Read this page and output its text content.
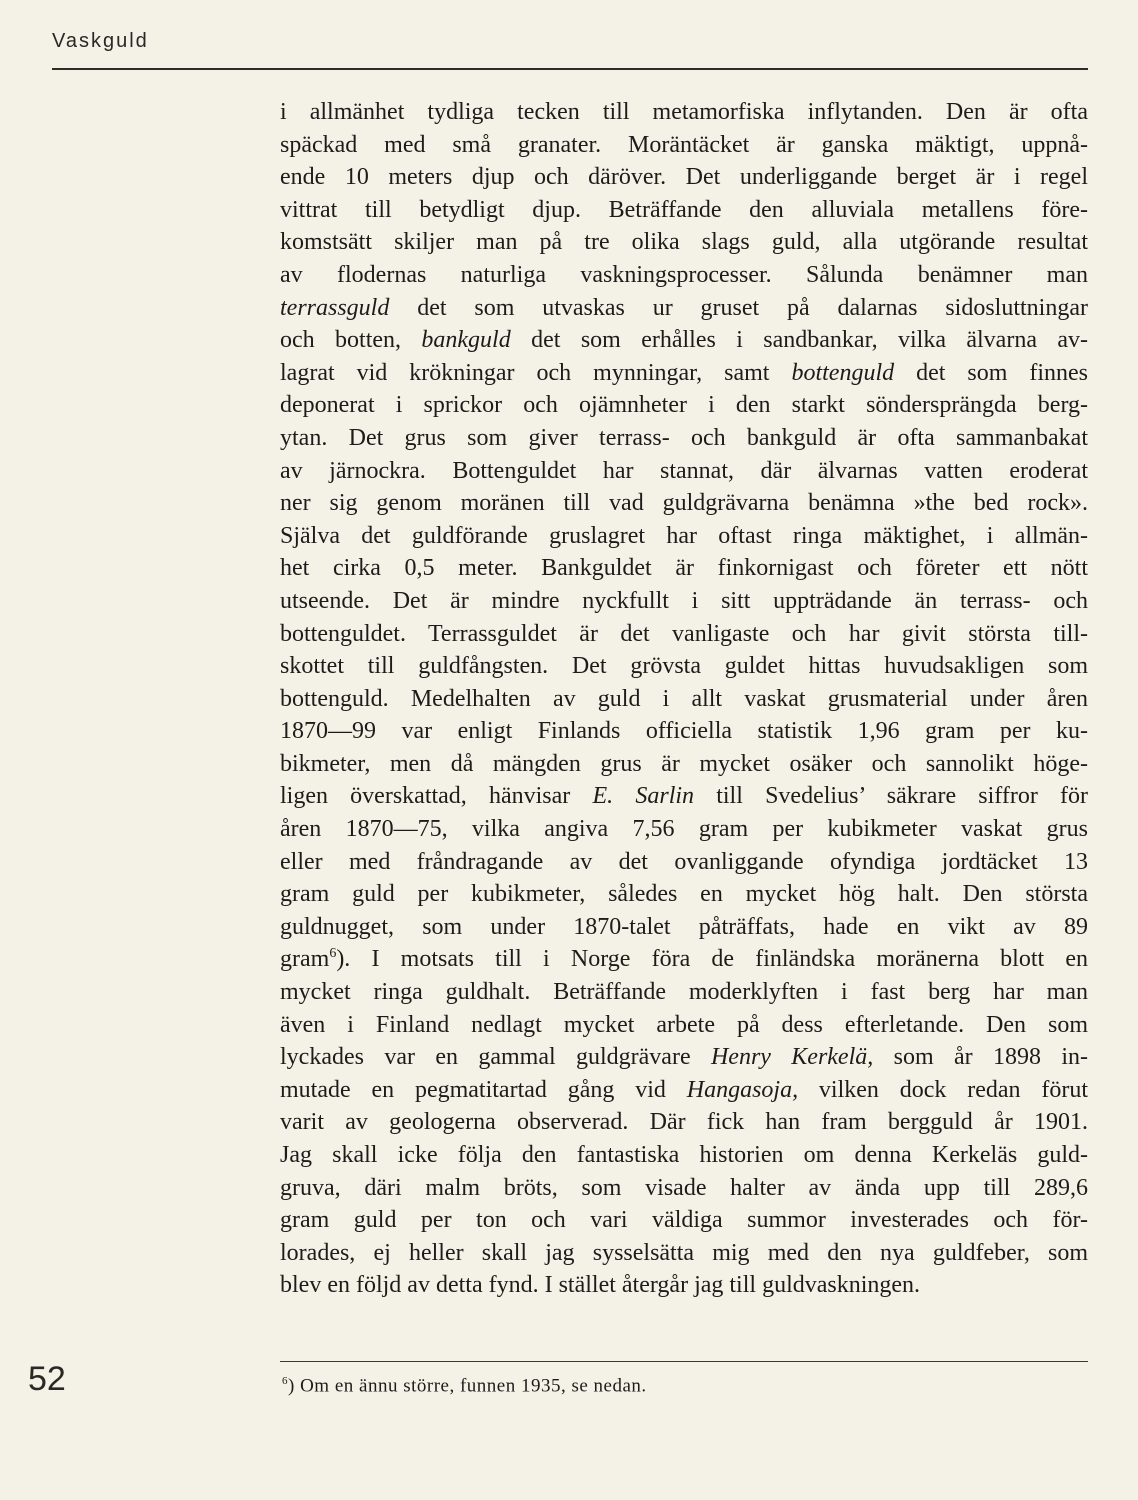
Vaskguld
i allmänhet tydliga tecken till metamorfiska inflytanden. Den är ofta
späckad med små granater. Moräntäcket är ganska mäktigt, uppnå-
ende 10 meters djup och däröver. Det underliggande berget är i regel
vittrat till betydligt djup. Beträffande den alluviala metallens före-
komstsätt skiljer man på tre olika slags guld, alla utgörande resultat
av flodernas naturliga vaskningsprocesser. Sålunda benämner man
terrassguld det som utvaskas ur gruset på dalarnas sidosluttningar
och botten, bankguld det som erhålles i sandbankar, vilka älvarna av-
lagrat vid krökningar och mynningar, samt bottenguld det som finnes
deponerat i sprickor och ojämnheter i den starkt söndersprängda berg-
ytan. Det grus som giver terrass- och bankguld är ofta sammanbakat
av järnockra. Bottenguldet har stannat, där älvarnas vatten eroderat
ner sig genom moränen till vad guldgrävarna benämna »the bed rock».
Själva det guldförande gruslagret har oftast ringa mäktighet, i allmän-
het cirka 0,5 meter. Bankguldet är finkornigast och företer ett nött
utseende. Det är mindre nyckfullt i sitt uppträdande än terrass- och
bottenguldet. Terrassguldet är det vanligaste och har givit största till-
skottet till guldfångsten. Det grövsta guldet hittas huvudsakligen som
bottenguld. Medelhalten av guld i allt vaskat grusmaterial under åren
1870—99 var enligt Finlands officiella statistik 1,96 gram per ku-
bikmeter, men då mängden grus är mycket osäker och sannolikt höge-
ligen överskattad, hänvisar E. Sarlin till Svedelius’ säkrare siffror för
åren 1870—75, vilka angiva 7,56 gram per kubikmeter vaskat grus
eller med fråndragande av det ovanliggande ofyndiga jordtäcket 13
gram guld per kubikmeter, således en mycket hög halt. Den största
guldnugget, som under 1870-talet påträffats, hade en vikt av 89
gram$^6$). I motsats till i Norge föra de finländska moränerna blott en
mycket ringa guldhalt. Beträffande moderklyften i fast berg har man
även i Finland nedlagt mycket arbete på dess efterletande. Den som
lyckades var en gammal guldgrävare Henry Kerkelä, som år 1898 in-
mutade en pegmatitartad gång vid Hangasoja, vilken dock redan förut
varit av geologerna observerad. Där fick han fram bergguld år 1901.
Jag skall icke följa den fantastiska historien om denna Kerkeläs guld-
gruva, däri malm bröts, som visade halter av ända upp till 289,6
gram guld per ton och vari väldiga summor investerades och för-
lorades, ej heller skall jag sysselsätta mig med den nya guldfeber, som
blev en följd av detta fynd. I stället återgår jag till guldvaskningen.
52	$^6$) Om en ännu större, funnen 1935, se nedan.
